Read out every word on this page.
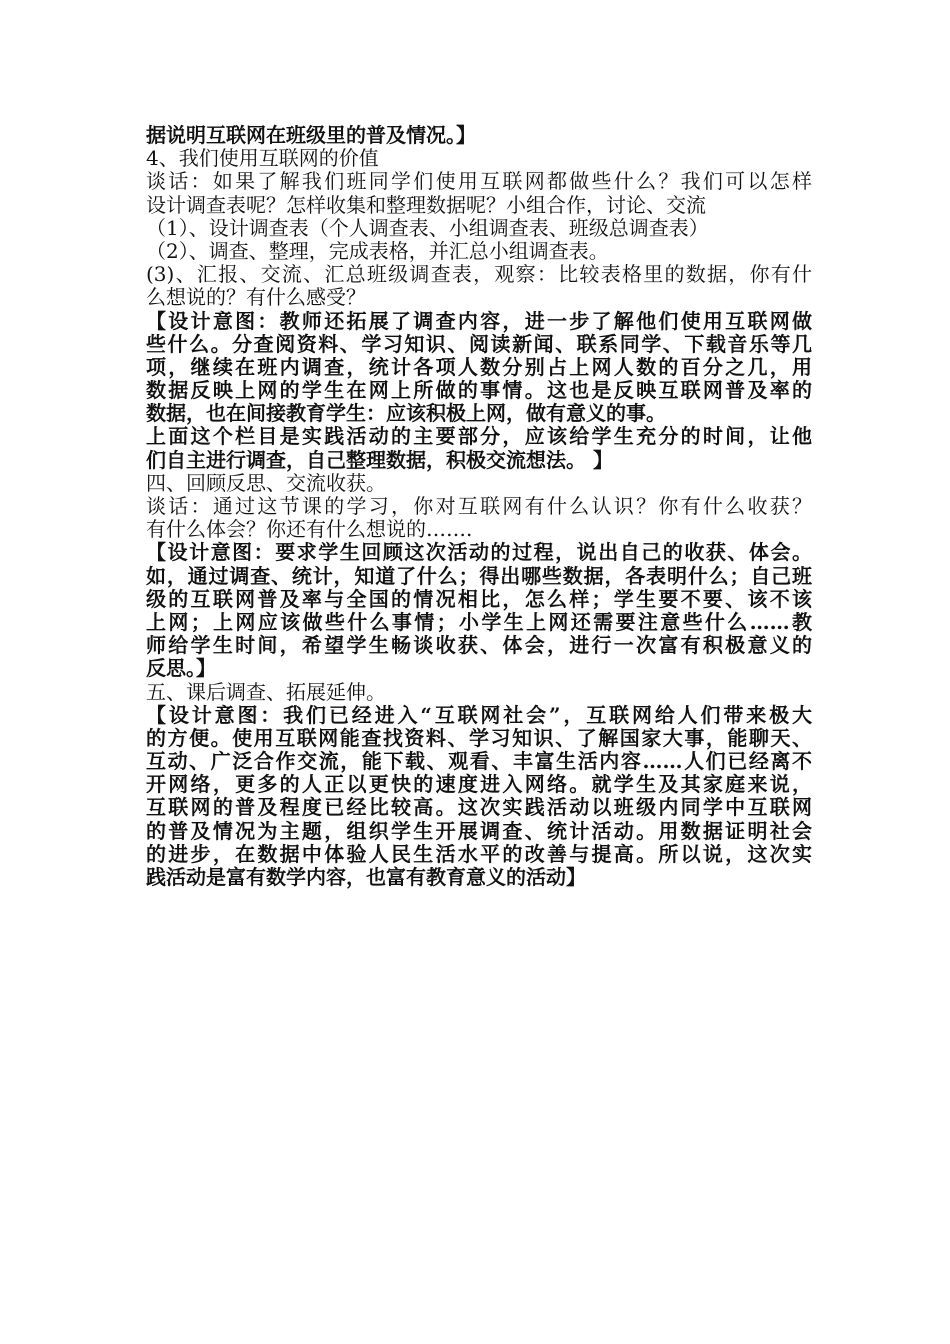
据说明互联网在班级里的普及情况。】
4、我们使用互联网的价值
谈话：如果了解我们班同学们使用互联网都做些什么？我们可以怎样
设计调查表呢？怎样收集和整理数据呢？小组合作，讨论、交流
（1）、设计调查表（个人调查表、小组调查表、班级总调查表）
（2）、调查、整理，完成表格，并汇总小组调查表。
(3)、汇报、交流、汇总班级调查表，观察：比较表格里的数据，你有什
么想说的？有什么感受？
【设计意图：教师还拓展了调查内容，进一步了解他们使用互联网做
些什么。分查阅资料、学习知识、阅读新闻、联系同学、下载音乐等几
项，继续在班内调查，统计各项人数分别占上网人数的百分之几，用
数据反映上网的学生在网上所做的事情。这也是反映互联网普及率的
数据，也在间接教育学生：应该积极上网，做有意义的事。
上面这个栏目是实践活动的主要部分，应该给学生充分的时间，让他
们自主进行调查，自己整理数据，积极交流想法。 】
四、回顾反思、交流收获。
谈话：通过这节课的学习，你对互联网有什么认识？你有什么收获？
有什么体会？你还有什么想说的…….
【设计意图：要求学生回顾这次活动的过程，说出自己的收获、体会。
如，通过调查、统计，知道了什么；得出哪些数据，各表明什么；自己班
级的互联网普及率与全国的情况相比，怎么样；学生要不要、该不该
上网；上网应该做些什么事情；小学生上网还需要注意些什么……教
师给学生时间，希望学生畅谈收获、体会，进行一次富有积极意义的
反思。】
五、课后调查、拓展延伸。
【设计意图：我们已经进入“互联网社会”，互联网给人们带来极大
的方便。使用互联网能查找资料、学习知识、了解国家大事，能聊天、
互动、广泛合作交流，能下载、观看、丰富生活内容……人们已经离不
开网络，更多的人正以更快的速度进入网络。就学生及其家庭来说，
互联网的普及程度已经比较高。这次实践活动以班级内同学中互联网
的普及情况为主题，组织学生开展调查、统计活动。用数据证明社会
的进步，在数据中体验人民生活水平的改善与提高。所以说，这次实
践活动是富有数学内容，也富有教育意义的活动】
